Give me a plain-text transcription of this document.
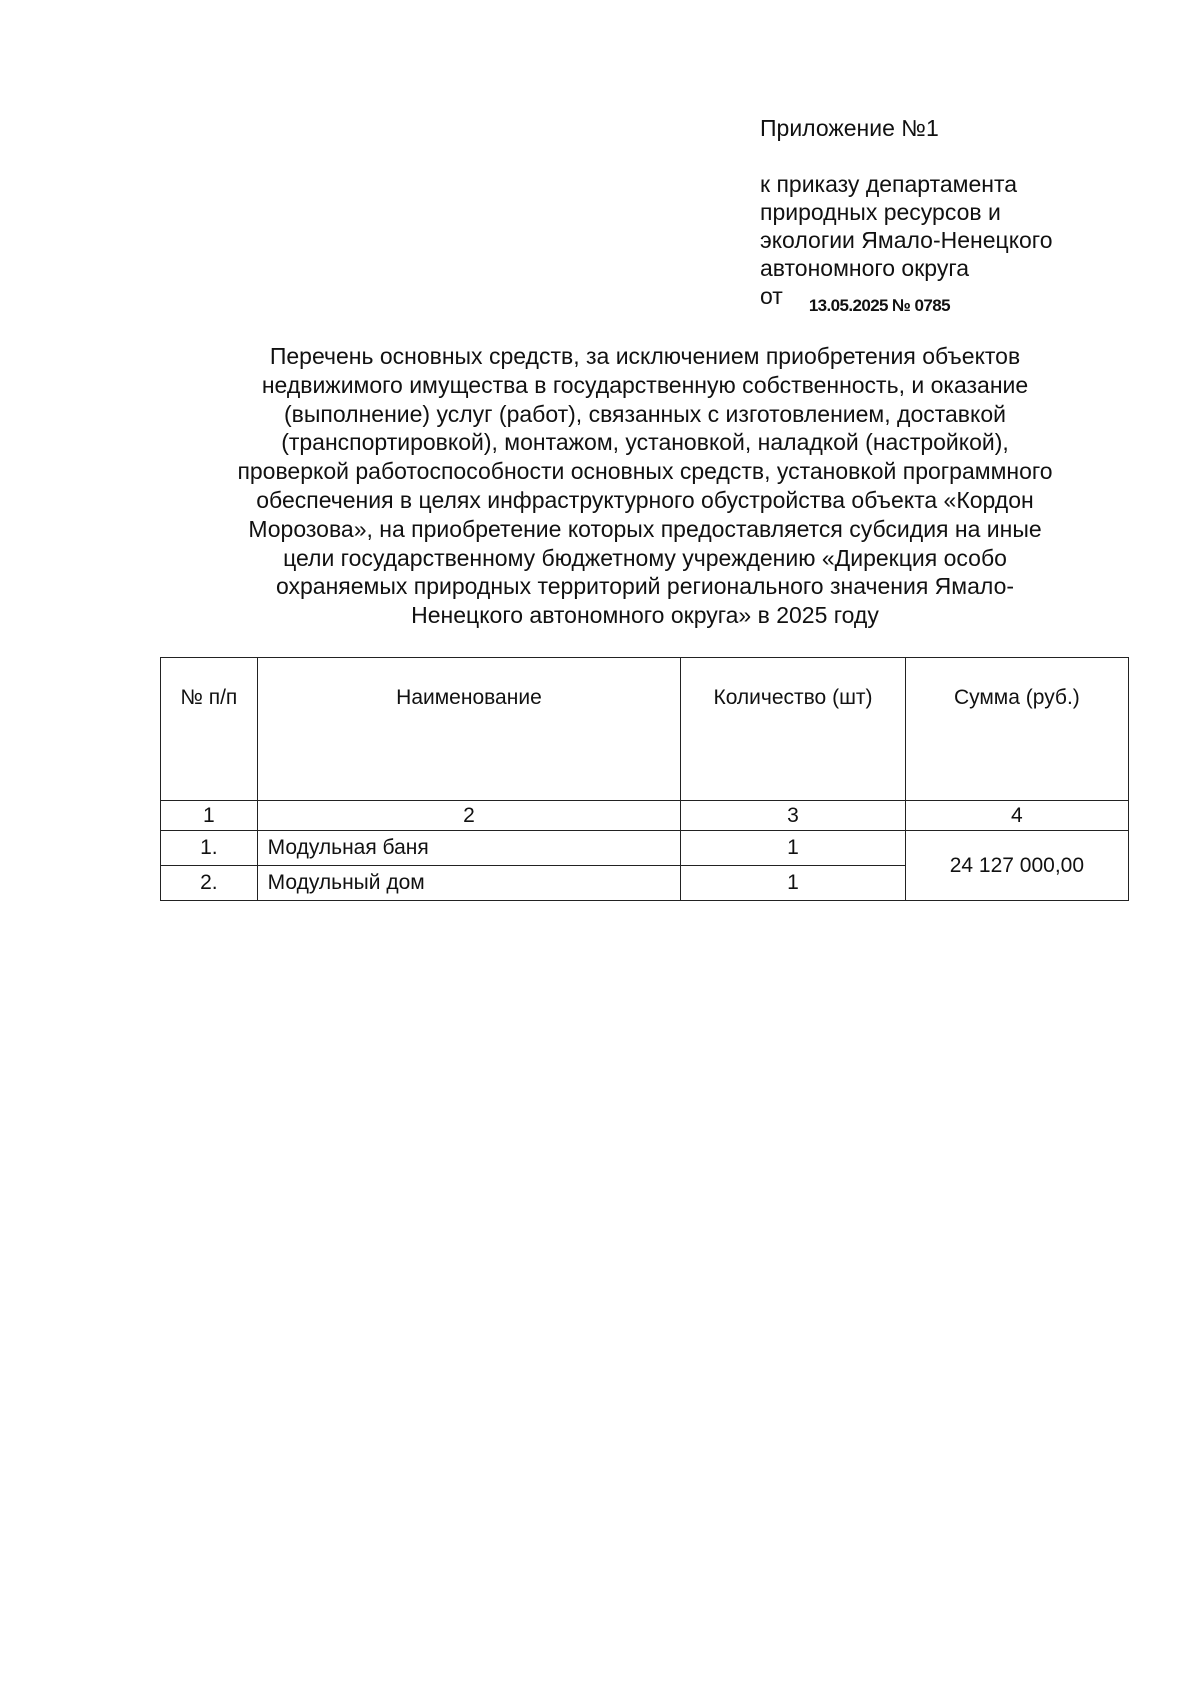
Приложение №1
к приказу департамента
природных ресурсов и
экологии Ямало-Ненецкого
автономного округа
от 13.05.2025 № 0785
Перечень основных средств, за исключением приобретения объектов
недвижимого имущества в государственную собственность, и оказание
(выполнение) услуг (работ), связанных с изготовлением, доставкой
(транспортировкой), монтажом, установкой, наладкой (настройкой),
проверкой работоспособности основных средств, установкой программного
обеспечения в целях инфраструктурного обустройства объекта «Кордон
Морозова», на приобретение которых предоставляется субсидия на иные
цели государственному бюджетному учреждению «Дирекция особо
охраняемых природных территорий регионального значения Ямало-
Ненецкого автономного округа» в 2025 году
№ п/п	Наименование	Количество (шт)	Сумма (руб.)
1	2	3	4
1.	Модульная баня	1	24 127 000,00
2.	Модульный дом	1	
